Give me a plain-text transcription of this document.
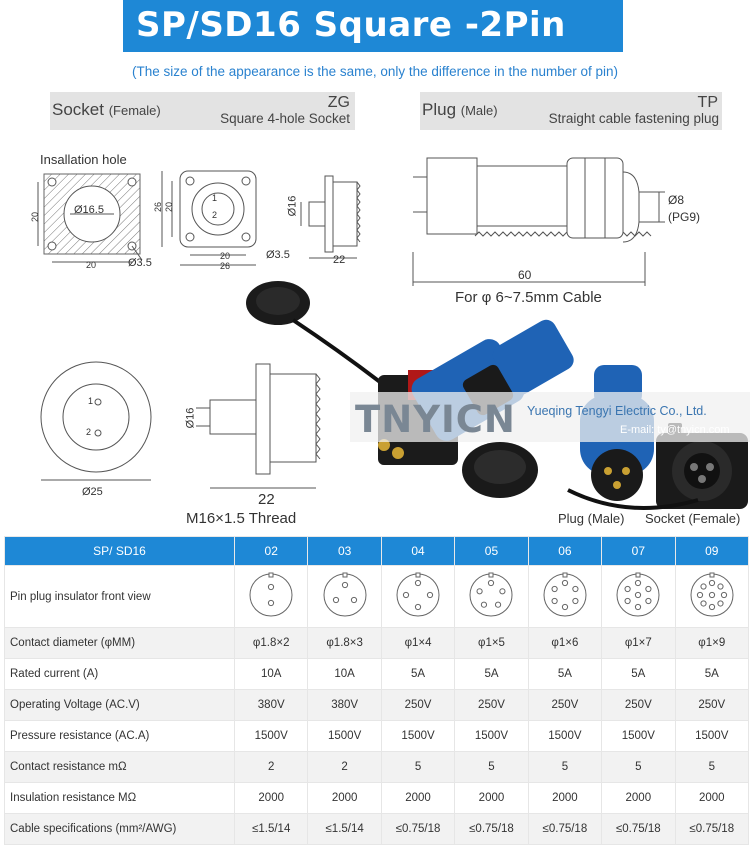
SP/SD16 Square -2Pin
(The size of the appearance is the same, only the difference in the number of pin)
Socket (Female)	ZG
Square 4-hole Socket	Plug (Male)	TP
Straight cable fastening plug
Insallation hole
Ø16.5
Ø3.5
20
20
1
2
20
26
26 20
Ø3.5
Ø16
22
Ø8
(PG9)
60
For φ 6~7.5mm Cable
1
2
Ø25
Ø16
22
M16×1.5 Thread
TNYICN Yueqing Tengyi Electric Co., Ltd.
E-mail: ty@tnyicn.com
Plug (Male) Socket (Female)
SP/ SD16	02	03	04	05	06	07	09
Pin plug insulator front view							
Contact diameter (φMM)	φ1.8×2	φ1.8×3	φ1×4	φ1×5	φ1×6	φ1×7	φ1×9
Rated current (A)	10A	10A	5A	5A	5A	5A	5A
Operating Voltage (AC.V)	380V	380V	250V	250V	250V	250V	250V
Pressure resistance (AC.A)	1500V	1500V	1500V	1500V	1500V	1500V	1500V
Contact resistance mΩ	2	2	5	5	5	5	5
Insulation resistance MΩ	2000	2000	2000	2000	2000	2000	2000
Cable specifications (mm²/AWG)	≤1.5/14	≤1.5/14	≤0.75/18	≤0.75/18	≤0.75/18	≤0.75/18	≤0.75/18
